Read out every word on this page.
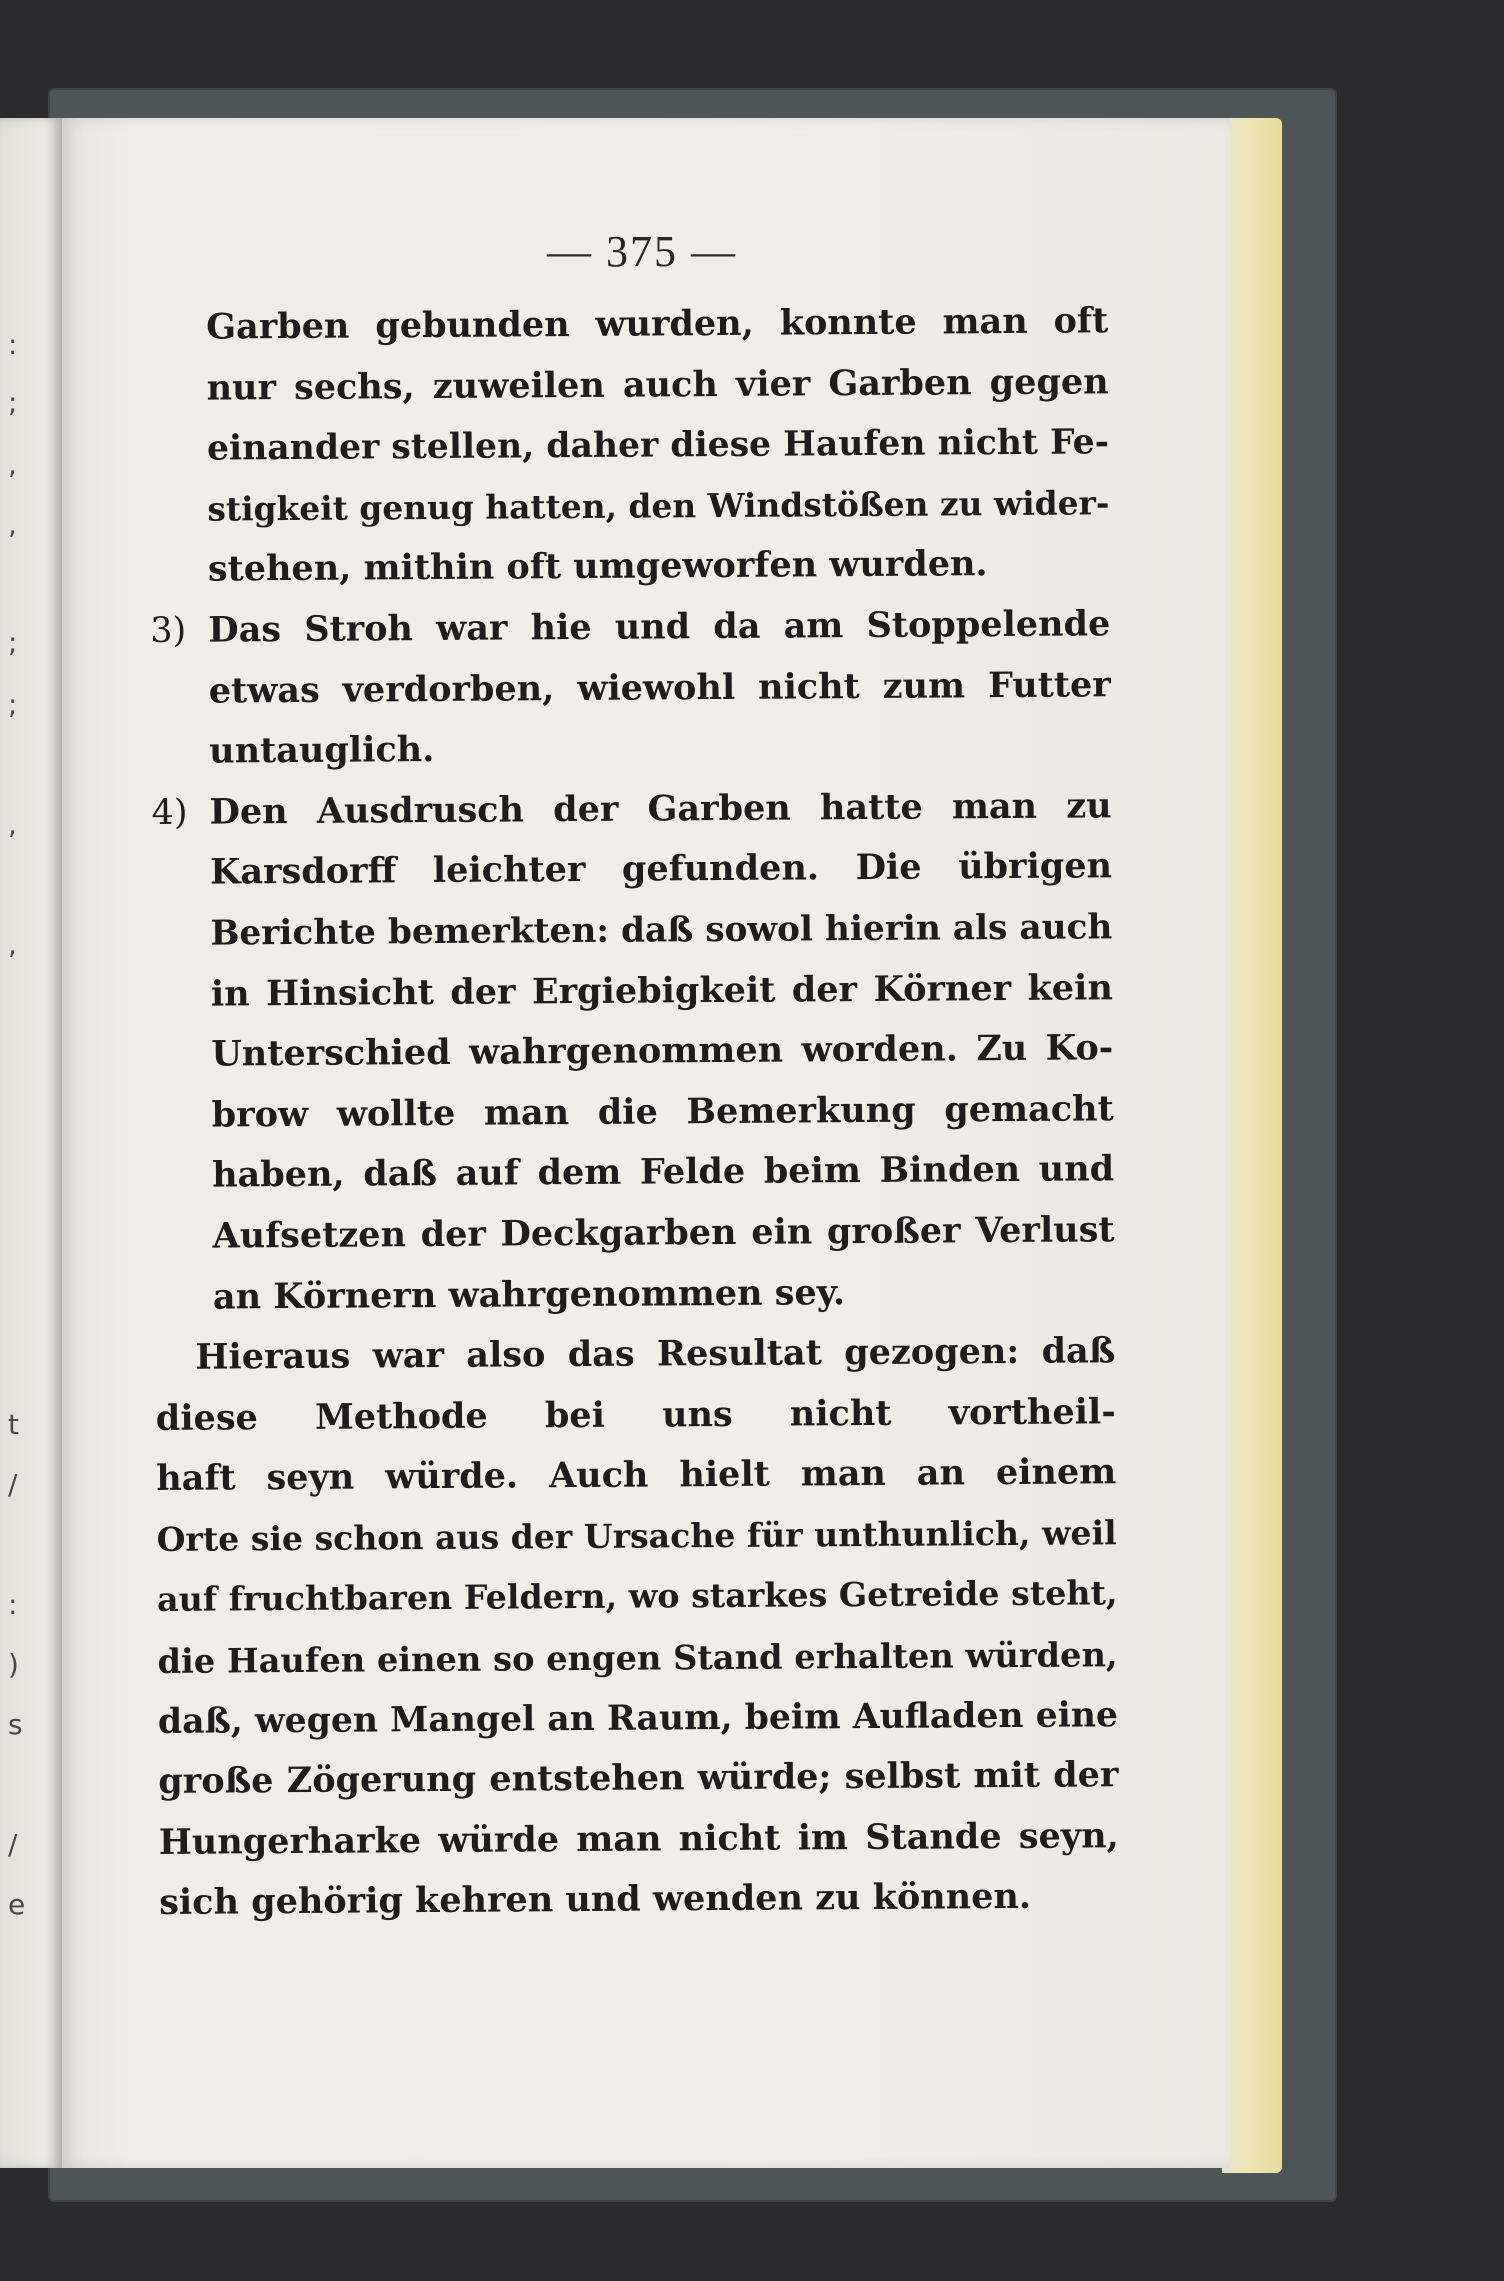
:
;
,
,
;
;
,
,
t
/
:
)
s
/
e
— 375 —
Garben gebunden wurden, konnte man oft
nur sechs, zuweilen auch vier Garben gegen
einander stellen, daher diese Haufen nicht Fe-
stigkeit genug hatten, den Windstößen zu wider-
stehen, mithin oft umgeworfen wurden.
3) Das Stroh war hie und da am Stoppelende
etwas verdorben, wiewohl nicht zum Futter
untauglich.
4) Den Ausdrusch der Garben hatte man zu
Karsdorff leichter gefunden. Die übrigen
Berichte bemerkten: daß sowol hierin als auch
in Hinsicht der Ergiebigkeit der Körner kein
Unterschied wahrgenommen worden. Zu Ko-
brow wollte man die Bemerkung gemacht
haben, daß auf dem Felde beim Binden und
Aufsetzen der Deckgarben ein großer Verlust
an Körnern wahrgenommen sey.
Hieraus war also das Resultat gezogen: daß
diese Methode bei uns nicht vortheil-
haft seyn würde. Auch hielt man an einem
Orte sie schon aus der Ursache für unthunlich, weil
auf fruchtbaren Feldern, wo starkes Getreide steht,
die Haufen einen so engen Stand erhalten würden,
daß, wegen Mangel an Raum, beim Aufladen eine
große Zögerung entstehen würde; selbst mit der
Hungerharke würde man nicht im Stande seyn,
sich gehörig kehren und wenden zu können.
